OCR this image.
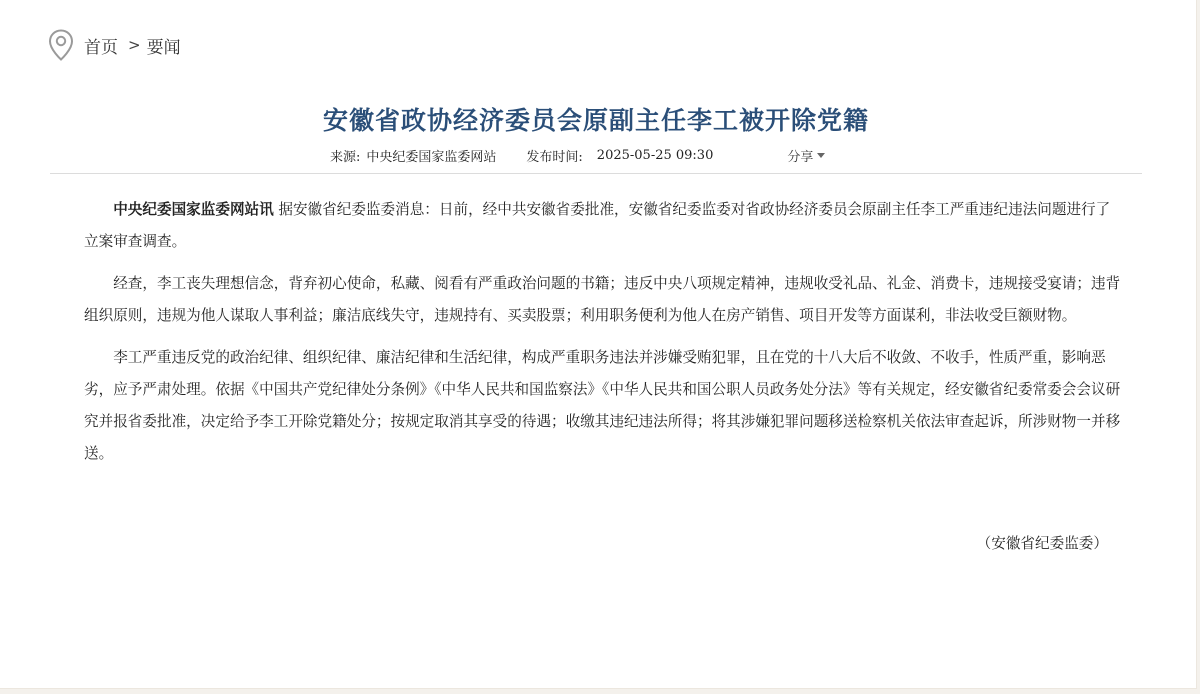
首页 > 要闻
安徽省政协经济委员会原副主任李工被开除党籍
来源: 中央纪委国家监委网站 发布时间: 2025-05-25 09:30	分享

中央纪委国家监委网站讯 据安徽省纪委监委消息：日前，经中共安徽省委批准，安徽省纪委监委对省政协经济委员会原副主任李工严重违纪违法问题进行了立案审查调查。

经查，李工丧失理想信念，背弃初心使命，私藏、阅看有严重政治问题的书籍；违反中央八项规定精神，违规收受礼品、礼金、消费卡，违规接受宴请；违背组织原则，违规为他人谋取人事利益；廉洁底线失守，违规持有、买卖股票；利用职务便利为他人在房产销售、项目开发等方面谋利，非法收受巨额财物。

李工严重违反党的政治纪律、组织纪律、廉洁纪律和生活纪律，构成严重职务违法并涉嫌受贿犯罪，且在党的十八大后不收敛、不收手，性质严重，影响恶劣，应予严肃处理。依据《中国共产党纪律处分条例》《中华人民共和国监察法》《中华人民共和国公职人员政务处分法》等有关规定，经安徽省纪委常委会会议研究并报省委批准，决定给予李工开除党籍处分；按规定取消其享受的待遇；收缴其违纪违法所得；将其涉嫌犯罪问题移送检察机关依法审查起诉，所涉财物一并移送。

（安徽省纪委监委）
